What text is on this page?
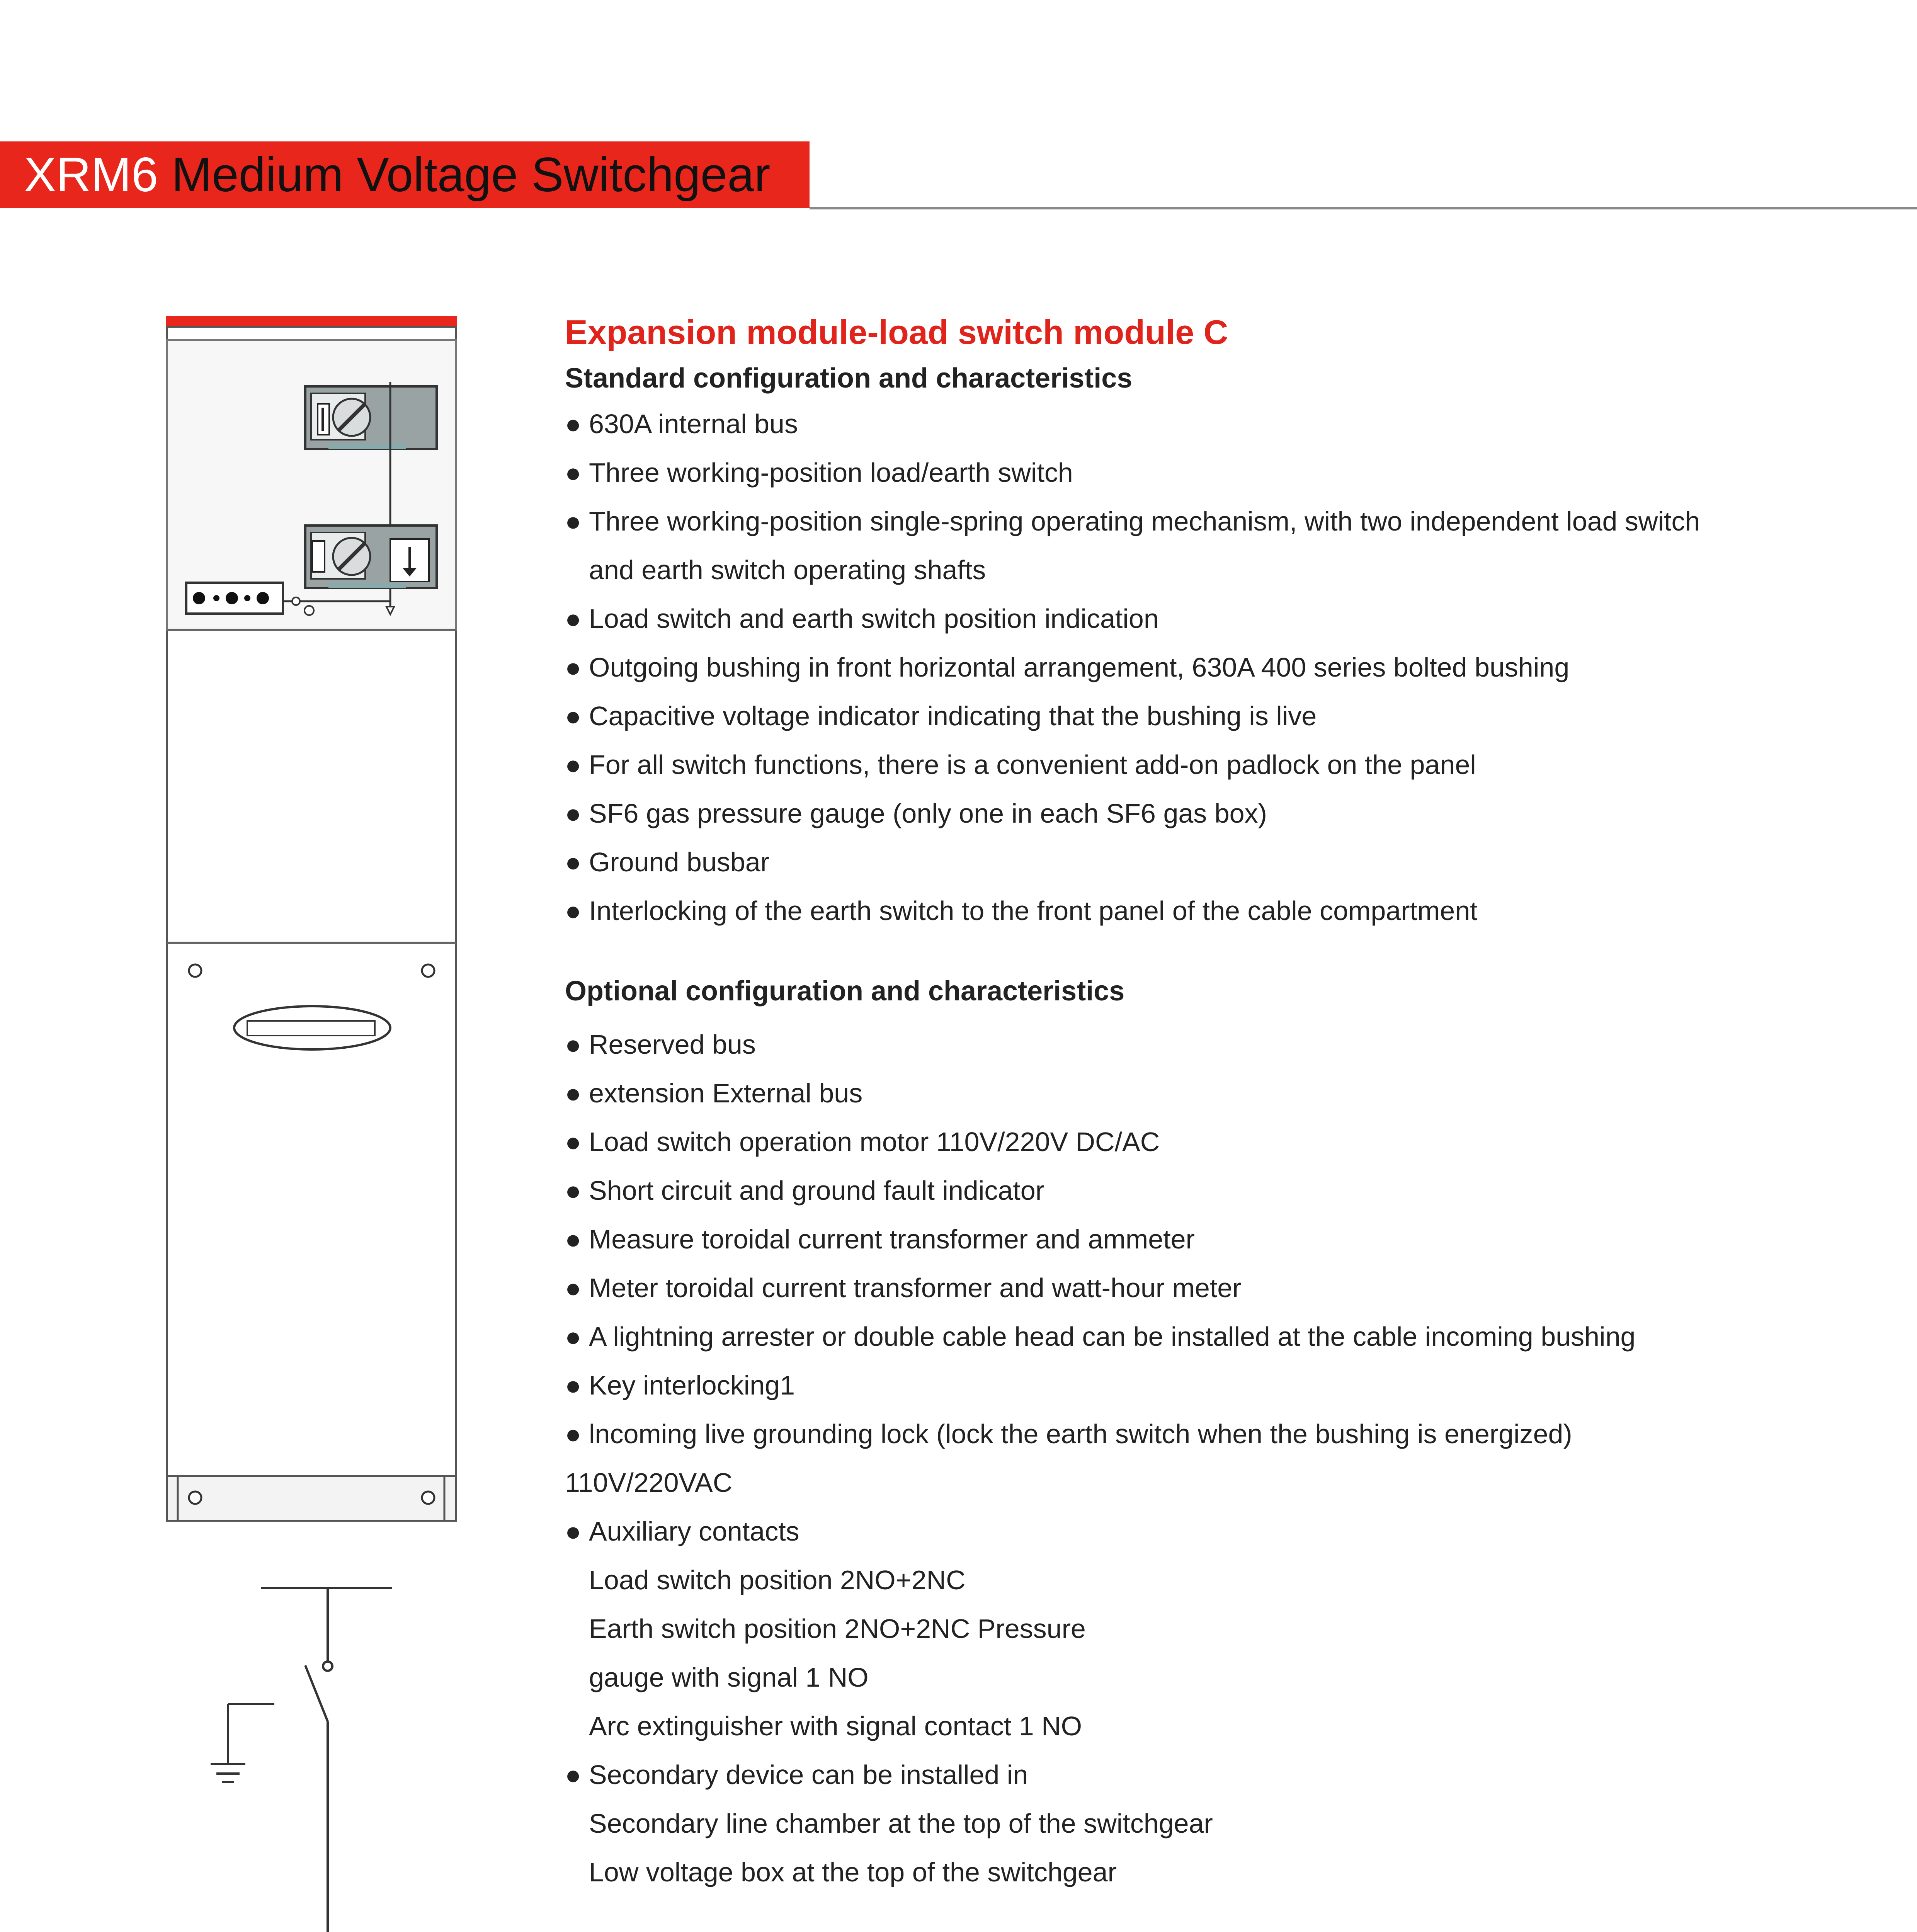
XRM6 Medium Voltage Switchgear
Expansion module-load switch module C
Standard configuration and characteristics
● 630A internal bus
● Three working-position load/earth switch
● Three working-position single-spring operating mechanism, with two independent load switch
and earth switch operating shafts
● Load switch and earth switch position indication
● Outgoing bushing in front horizontal arrangement, 630A 400 series bolted bushing
● Capacitive voltage indicator indicating that the bushing is live
● For all switch functions, there is a convenient add-on padlock on the panel
● SF6 gas pressure gauge (only one in each SF6 gas box)
● Ground busbar
● Interlocking of the earth switch to the front panel of the cable compartment
Optional configuration and characteristics
● Reserved bus
● extension External bus
● Load switch operation motor 110V/220V DC/AC
● Short circuit and ground fault indicator
● Measure toroidal current transformer and ammeter
● Meter toroidal current transformer and watt-hour meter
● A lightning arrester or double cable head can be installed at the cable incoming bushing
● Key interlocking1
● lncoming live grounding lock (lock the earth switch when the bushing is energized)
110V/220VAC
● Auxiliary contacts
Load switch position 2NO+2NC
Earth switch position 2NO+2NC Pressure
gauge with signal 1 NO
Arc extinguisher with signal contact 1 NO
● Secondary device can be installed in
Secondary line chamber at the top of the switchgear
Low voltage box at the top of the switchgear
